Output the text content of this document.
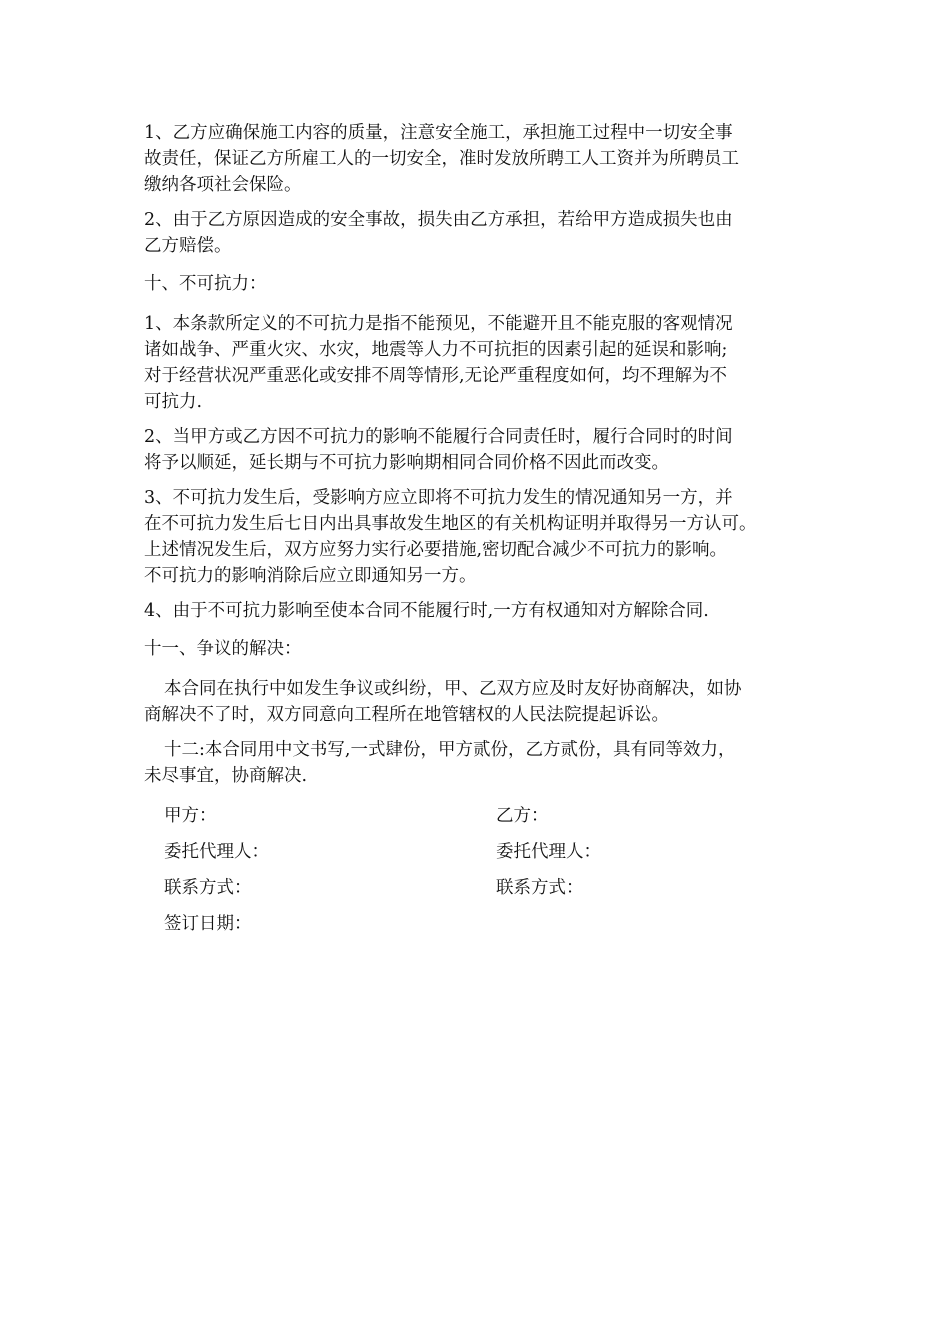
1、乙方应确保施工内容的质量，注意安全施工，承担施工过程中一切安全事
故责任，保证乙方所雇工人的一切安全，准时发放所聘工人工资并为所聘员工
缴纳各项社会保险。

2、由于乙方原因造成的安全事故，损失由乙方承担，若给甲方造成损失也由
乙方赔偿。

十、不可抗力：

1、本条款所定义的不可抗力是指不能预见，不能避开且不能克服的客观情况
诸如战争、严重火灾、水灾，地震等人力不可抗拒的因素引起的延误和影响;
对于经营状况严重恶化或安排不周等情形,无论严重程度如何，均不理解为不
可抗力.

2、当甲方或乙方因不可抗力的影响不能履行合同责任时，履行合同时的时间
将予以顺延，延长期与不可抗力影响期相同合同价格不因此而改变。

3、不可抗力发生后，受影响方应立即将不可抗力发生的情况通知另一方，并
在不可抗力发生后七日内出具事故发生地区的有关机构证明并取得另一方认可。
上述情况发生后，双方应努力实行必要措施,密切配合减少不可抗力的影响。
不可抗力的影响消除后应立即通知另一方。

4、由于不可抗力影响至使本合同不能履行时,一方有权通知对方解除合同.

十一、争议的解决：

本合同在执行中如发生争议或纠纷，甲、乙双方应及时友好协商解决，如协
商解决不了时，双方同意向工程所在地管辖权的人民法院提起诉讼。

十二:本合同用中文书写,一式肆份，甲方贰份，乙方贰份，具有同等效力，
未尽事宜，协商解决.

甲方：	乙方：
委托代理人：	委托代理人：
联系方式：	联系方式：
签订日期：
